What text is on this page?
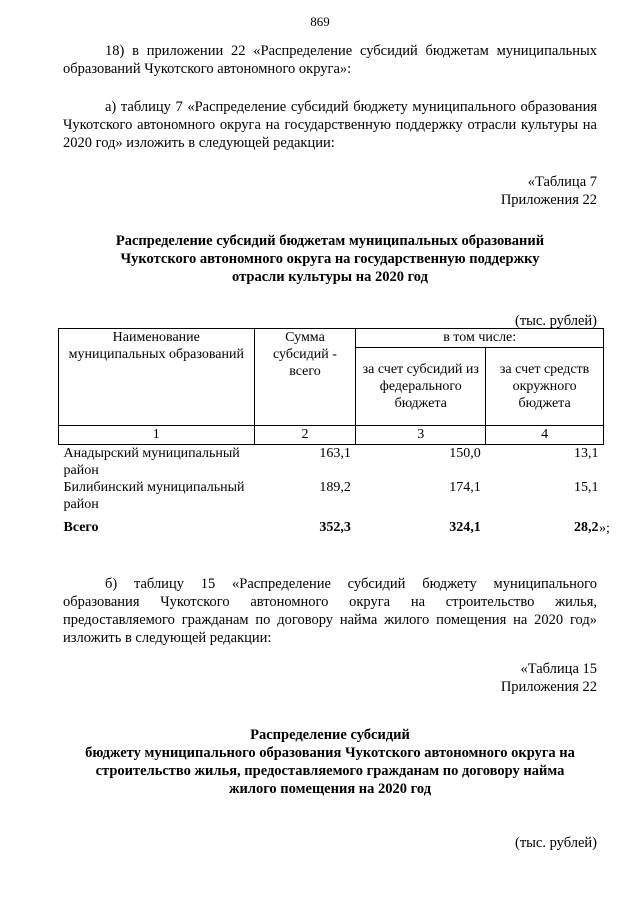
869
18) в приложении 22 «Распределение субсидий бюджетам муниципальных образований Чукотского автономного округа»:
а) таблицу 7 «Распределение субсидий бюджету муниципального образования Чукотского автономного округа на государственную поддержку отрасли культуры на 2020 год» изложить в следующей редакции:
«Таблица 7
Приложения 22
Распределение субсидий бюджетам муниципальных образований Чукотского автономного округа на государственную поддержку отрасли культуры на 2020 год
(тыс. рублей)
Наименование муниципальных образований	Сумма субсидий - всего	в том числе:	
		за счет субсидий из федерального бюджета	за счет средств окружного бюджета
1	2	3	4
Анадырский муниципальный район	163,1	150,0	13,1
Билибинский муниципальный район	189,2	174,1	15,1
Всего	352,3	324,1	28,2 »;
б) таблицу 15 «Распределение субсидий бюджету муниципального образования Чукотского автономного округа на строительство жилья, предоставляемого гражданам по договору найма жилого помещения на 2020 год» изложить в следующей редакции:
«Таблица 15
Приложения 22
Распределение субсидий
бюджету муниципального образования Чукотского автономного округа на строительство жилья, предоставляемого гражданам по договору найма жилого помещения на 2020 год
(тыс. рублей)
